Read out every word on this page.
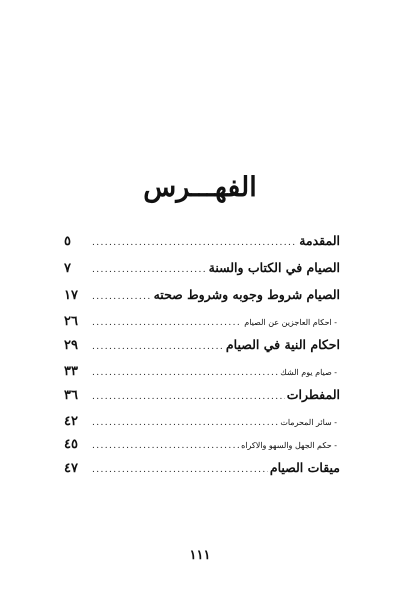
الفهـــرس
المقدمة
.....
٥
الصيام في الكتاب والسنة
.....
٧
الصيام شروط وجوبه وشروط صحته
.....
١٧
- احكام العاجزين عن الصيام
.....
٢٦
احكام النية في الصيام
.....
٢٩
- صيام يوم الشك
.....
٣٣
المفطرات
.....
٣٦
- سائر المحرمات
.....
٤٢
- حكم الجهل والسهو والاكراه
.....
٤٥
ميقات الصيام
.....
٤٧
١١١
